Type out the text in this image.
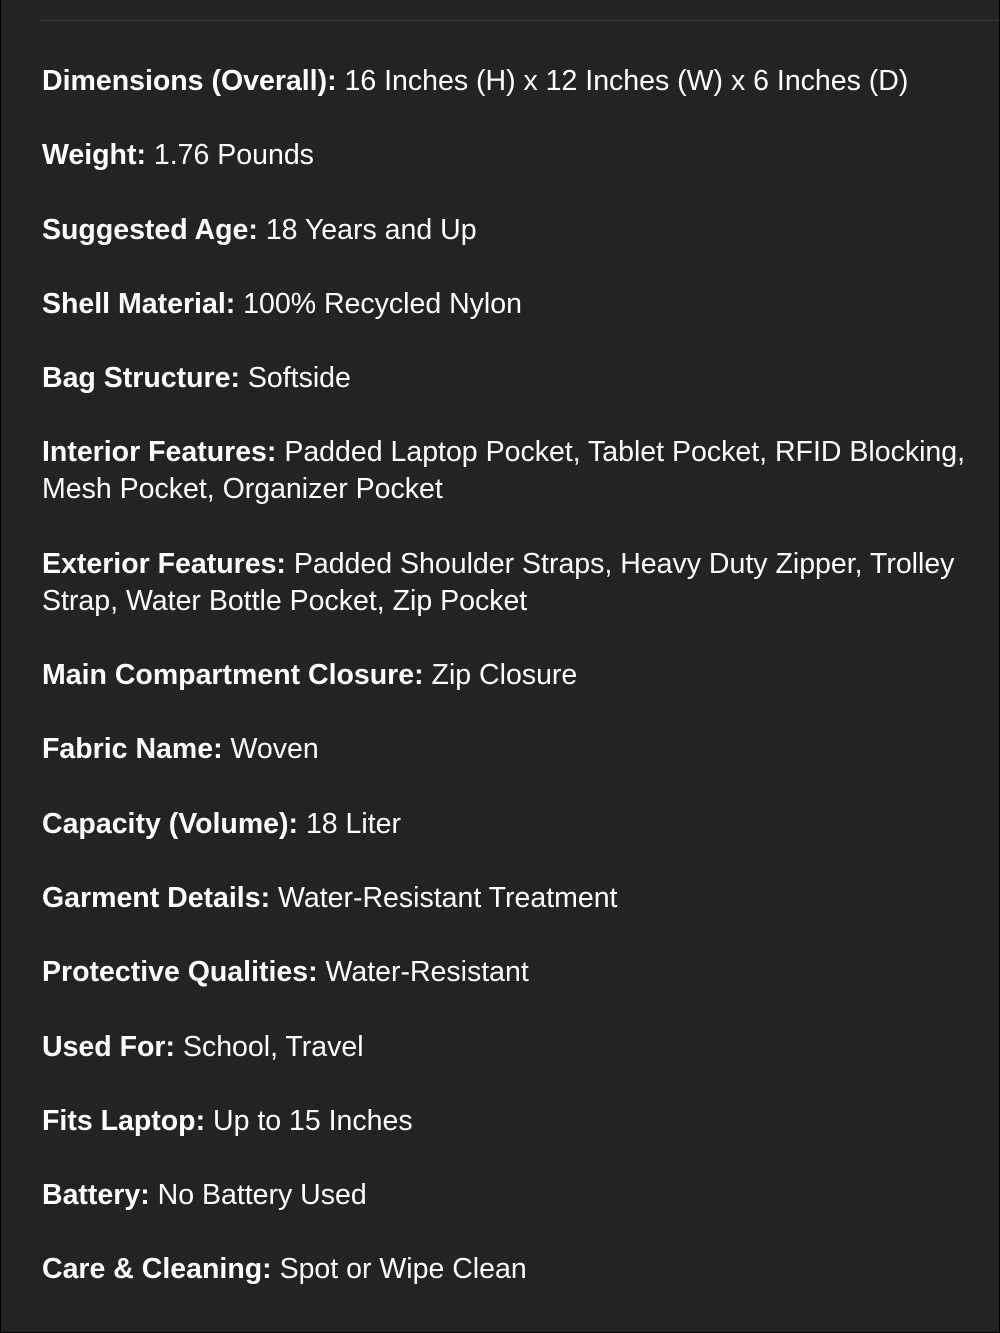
Dimensions (Overall): 16 Inches (H) x 12 Inches (W) x 6 Inches (D)
Weight: 1.76 Pounds
Suggested Age: 18 Years and Up
Shell Material: 100% Recycled Nylon
Bag Structure: Softside
Interior Features: Padded Laptop Pocket, Tablet Pocket, RFID Blocking, Mesh Pocket, Organizer Pocket
Exterior Features: Padded Shoulder Straps, Heavy Duty Zipper, Trolley Strap, Water Bottle Pocket, Zip Pocket
Main Compartment Closure: Zip Closure
Fabric Name: Woven
Capacity (Volume): 18 Liter
Garment Details: Water-Resistant Treatment
Protective Qualities: Water-Resistant
Used For: School, Travel
Fits Laptop: Up to 15 Inches
Battery: No Battery Used
Care & Cleaning: Spot or Wipe Clean
